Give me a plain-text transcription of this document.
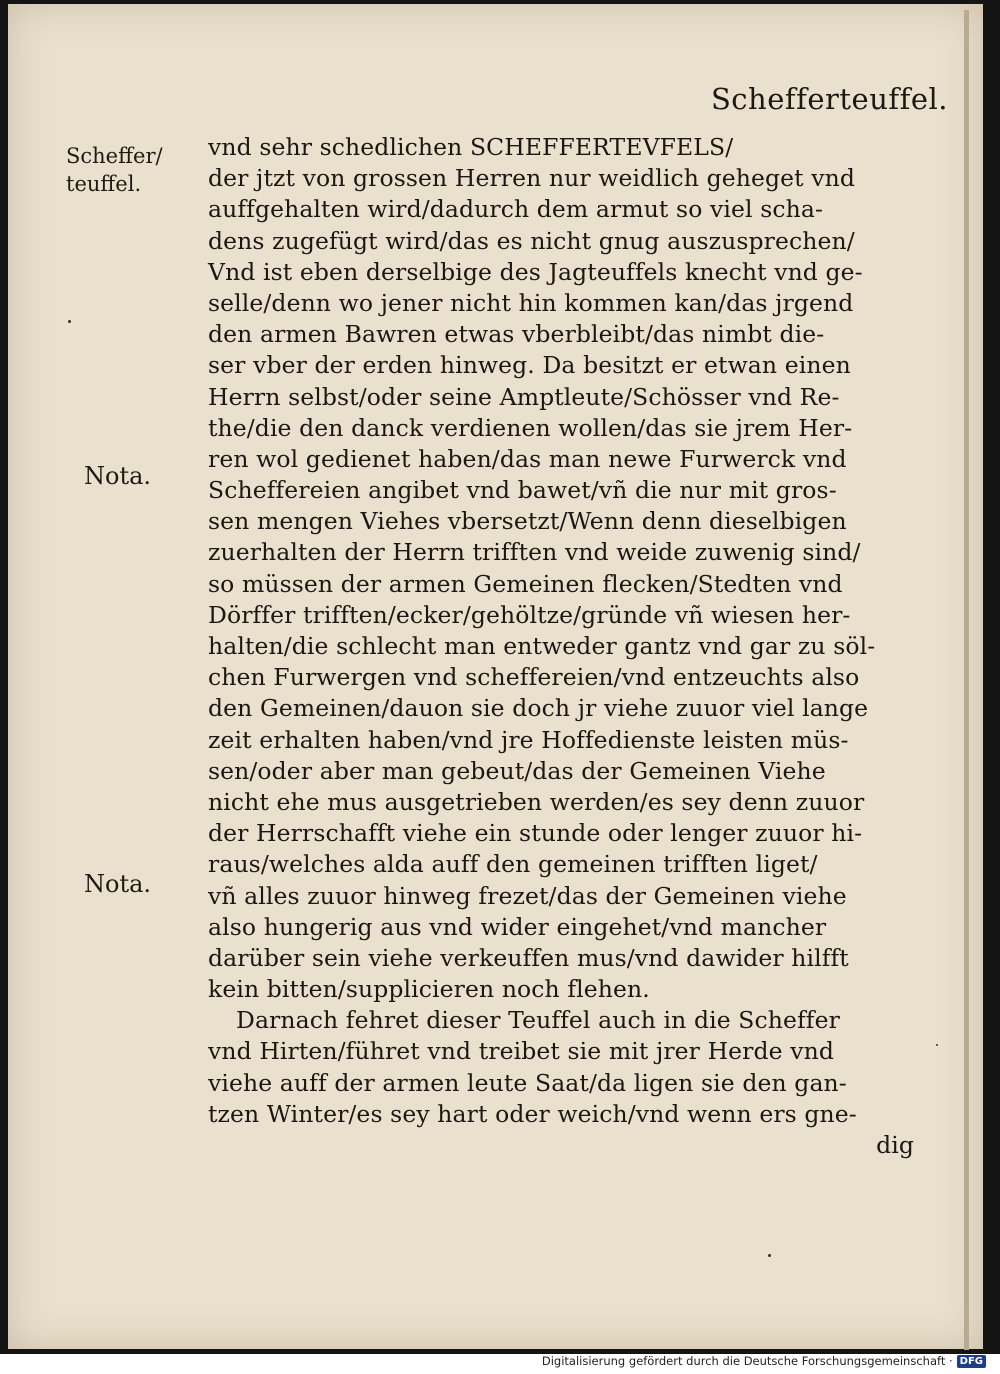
Schefferteuffel.
Scheffer/
teuffel.
Nota.
Nota.
vnd sehr schedlichen SCHEFFERTEVFELS/
der jtzt von grossen Herren nur weidlich geheget vnd
auffgehalten wird/dadurch dem armut so viel scha-
dens zugefügt wird/das es nicht gnug auszusprechen/
Vnd ist eben derselbige des Jagteuffels knecht vnd ge-
selle/denn wo jener nicht hin kommen kan/das jrgend
den armen Bawren etwas vberbleibt/das nimbt die-
ser vber der erden hinweg. Da besitzt er etwan einen
Herrn selbst/oder seine Amptleute/Schösser vnd Re-
the/die den danck verdienen wollen/das sie jrem Her-
ren wol gedienet haben/das man newe Furwerck vnd
Scheffereien angibet vnd bawet/vñ die nur mit gros-
sen mengen Viehes vbersetzt/Wenn denn dieselbigen
zuerhalten der Herrn trifften vnd weide zuwenig sind/
so müssen der armen Gemeinen flecken/Stedten vnd
Dörffer trifften/ecker/gehöltze/gründe vñ wiesen her-
halten/die schlecht man entweder gantz vnd gar zu söl-
chen Furwergen vnd scheffereien/vnd entzeuchts also
den Gemeinen/dauon sie doch jr viehe zuuor viel lange
zeit erhalten haben/vnd jre Hoffedienste leisten müs-
sen/oder aber man gebeut/das der Gemeinen Viehe
nicht ehe mus ausgetrieben werden/es sey denn zuuor
der Herrschafft viehe ein stunde oder lenger zuuor hi-
raus/welches alda auff den gemeinen trifften liget/
vñ alles zuuor hinweg frezet/das der Gemeinen viehe
also hungerig aus vnd wider eingehet/vnd mancher
darüber sein viehe verkeuffen mus/vnd dawider hilfft
kein bitten/supplicieren noch flehen.
Darnach fehret dieser Teuffel auch in die Scheffer
vnd Hirten/führet vnd treibet sie mit jrer Herde vnd
viehe auff der armen leute Saat/da ligen sie den gan-
tzen Winter/es sey hart oder weich/vnd wenn ers gne-
dig
Digitalisierung gefördert durch die Deutsche Forschungsgemeinschaft · DFG
